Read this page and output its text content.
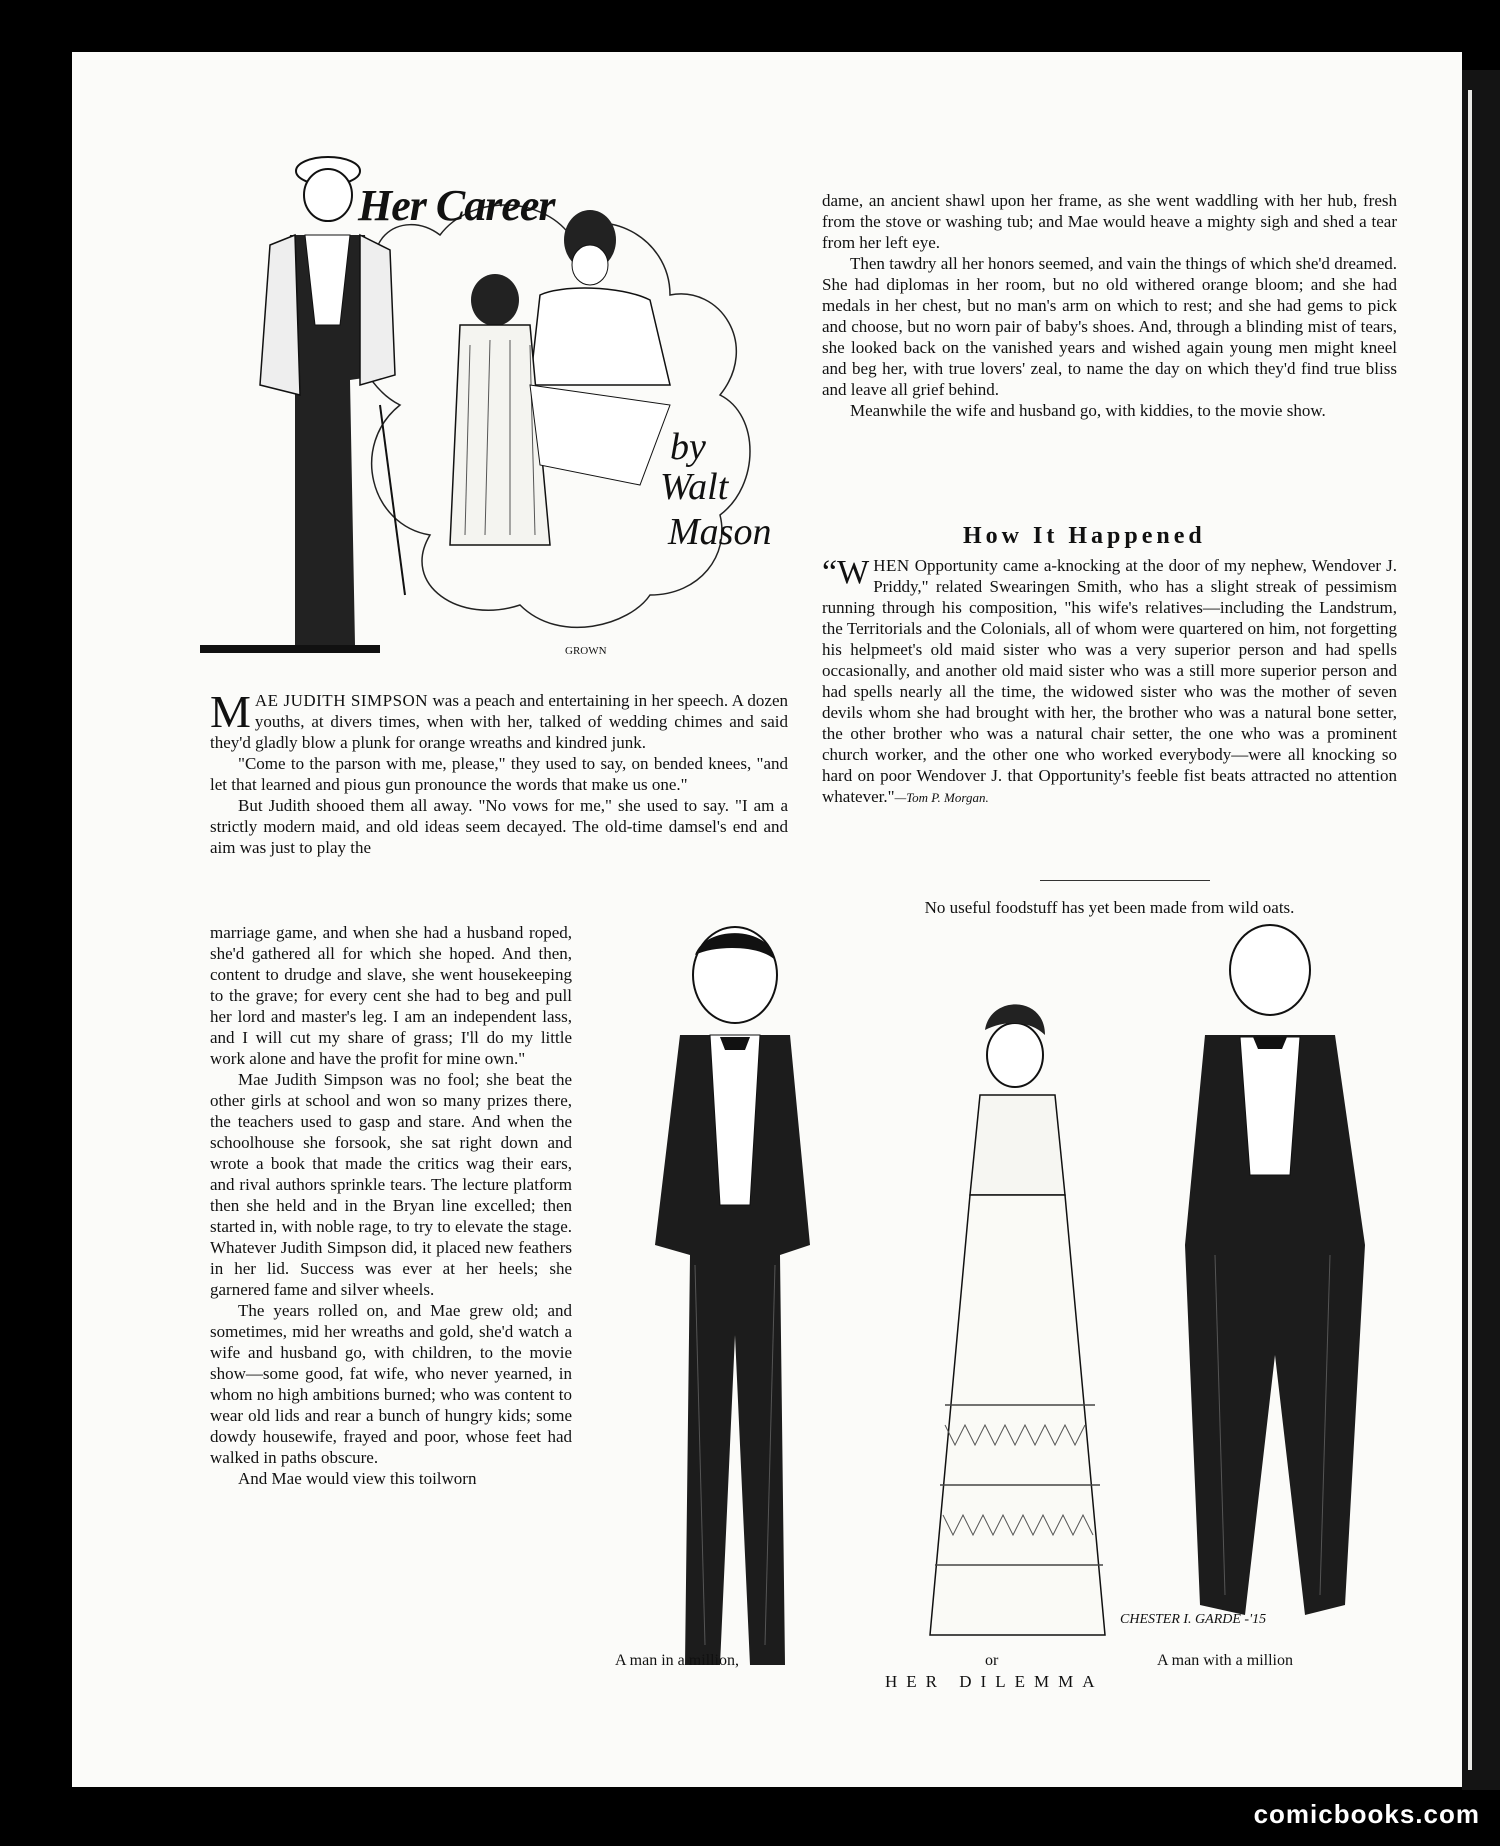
Her Career
by
Walt
Mason
GROWN

MAE JUDITH SIMPSON was a peach and entertaining in her speech. A dozen youths, at divers times, when with her, talked of wedding chimes and said they'd gladly blow a plunk for orange wreaths and kindred junk.

"Come to the parson with me, please," they used to say, on bended knees, "and let that learned and pious gun pronounce the words that make us one."

But Judith shooed them all away. "No vows for me," she used to say. "I am a strictly modern maid, and old ideas seem decayed. The old-time damsel's end and aim was just to play the

marriage game, and when she had a husband roped, she'd gathered all for which she hoped. And then, content to drudge and slave, she went housekeeping to the grave; for every cent she had to beg and pull her lord and master's leg. I am an independent lass, and I will cut my share of grass; I'll do my little work alone and have the profit for mine own."

Mae Judith Simpson was no fool; she beat the other girls at school and won so many prizes there, the teachers used to gasp and stare. And when the schoolhouse she forsook, she sat right down and wrote a book that made the critics wag their ears, and rival authors sprinkle tears. The lecture platform then she held and in the Bryan line excelled; then started in, with noble rage, to try to elevate the stage. Whatever Judith Simpson did, it placed new feathers in her lid. Success was ever at her heels; she garnered fame and silver wheels.

The years rolled on, and Mae grew old; and sometimes, mid her wreaths and gold, she'd watch a wife and husband go, with children, to the movie show—some good, fat wife, who never yearned, in whom no high ambitions burned; who was content to wear old lids and rear a bunch of hungry kids; some dowdy housewife, frayed and poor, whose feet had walked in paths obscure.

And Mae would view this toilworn

dame, an ancient shawl upon her frame, as she went waddling with her hub, fresh from the stove or washing tub; and Mae would heave a mighty sigh and shed a tear from her left eye.

Then tawdry all her honors seemed, and vain the things of which she'd dreamed. She had diplomas in her room, but no old withered orange bloom; and she had medals in her chest, but no man's arm on which to rest; and she had gems to pick and choose, but no worn pair of baby's shoes. And, through a blinding mist of tears, she looked back on the vanished years and wished again young men might kneel and beg her, with true lovers' zeal, to name the day on which they'd find true bliss and leave all grief behind.

Meanwhile the wife and husband go, with kiddies, to the movie show.

How It Happened

“WHEN Opportunity came a-knocking at the door of my nephew, Wendover J. Priddy," related Swearingen Smith, who has a slight streak of pessimism running through his composition, "his wife's relatives—including the Landstrum, the Territorials and the Colonials, all of whom were quartered on him, not forgetting his helpmeet's old maid sister who was a very superior person and had spells occasionally, and another old maid sister who was a still more superior person and had spells nearly all the time, the widowed sister who was the mother of seven devils whom she had brought with her, the brother who was a natural bone setter, the other brother who was a natural chair setter, the one who was a prominent church worker, and the other one who worked everybody—were all knocking so hard on poor Wendover J. that Opportunity's feeble fist beats attracted no attention whatever."—Tom P. Morgan.

No useful foodstuff has yet been made from wild oats.
CHESTER I. GARDE -'15
A man in a million,	or	A man with a million
HER DILEMMA
comicbooks.com
